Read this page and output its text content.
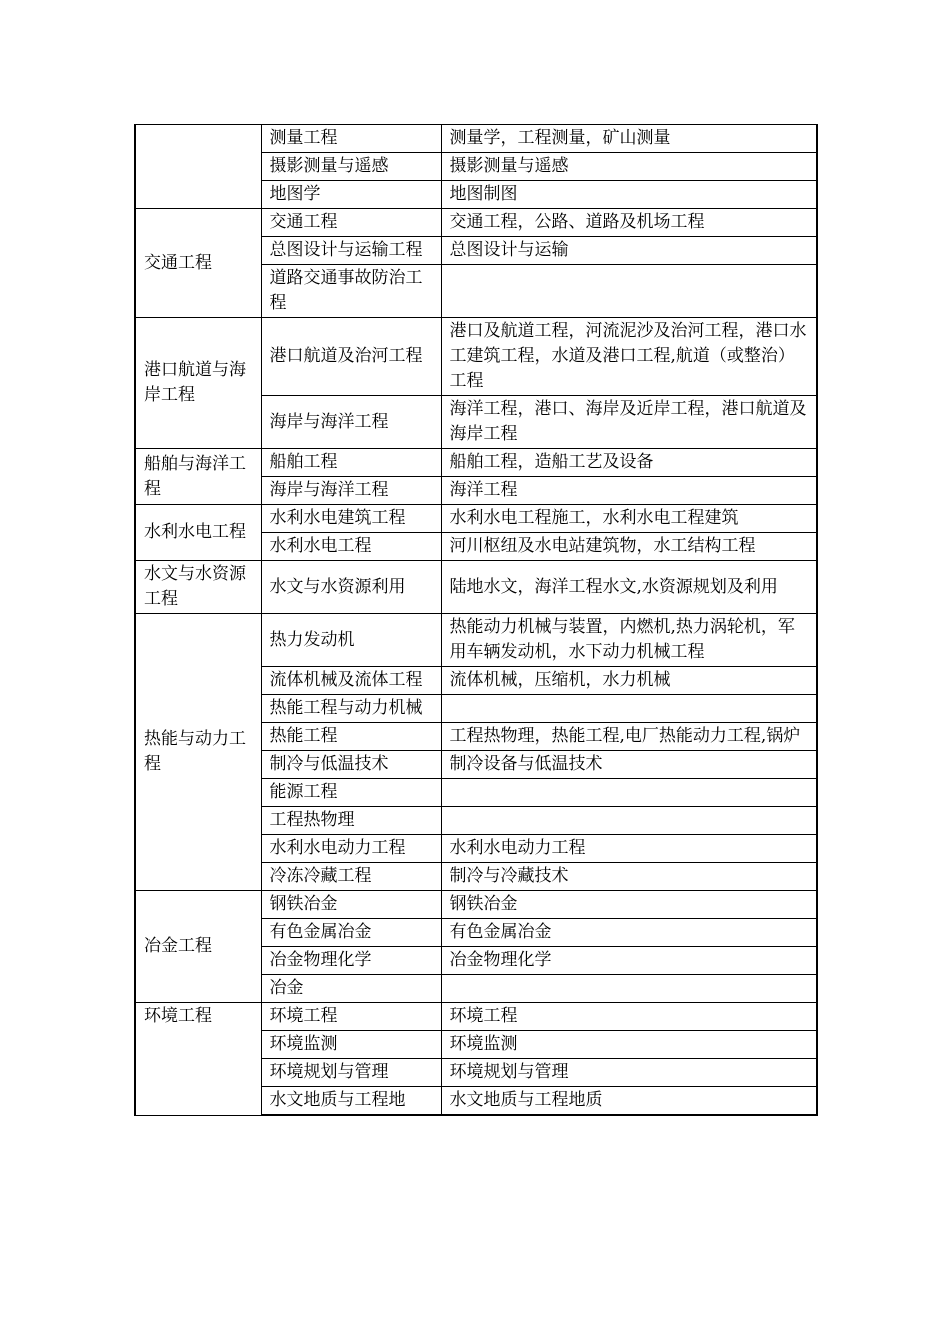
	测量工程	测量学，工程测量，矿山测量
	摄影测量与遥感	摄影测量与遥感
	地图学	地图制图
交通工程	交通工程	交通工程，公路、道路及机场工程
	总图设计与运输工程	总图设计与运输
	道路交通事故防治工程	
港口航道与海岸工程	港口航道及治河工程	港口及航道工程，河流泥沙及治河工程，港口水工建筑工程，水道及港口工程,航道（或整治）工程
	海岸与海洋工程	海洋工程，港口、海岸及近岸工程，港口航道及海岸工程
船舶与海洋工程	船舶工程	船舶工程，造船工艺及设备
	海岸与海洋工程	海洋工程
水利水电工程	水利水电建筑工程	水利水电工程施工，水利水电工程建筑
	水利水电工程	河川枢纽及水电站建筑物，水工结构工程
水文与水资源工程	水文与水资源利用	陆地水文，海洋工程水文,水资源规划及利用
热能与动力工程	热力发动机	热能动力机械与装置，内燃机,热力涡轮机，军用车辆发动机，水下动力机械工程
	流体机械及流体工程	流体机械，压缩机，水力机械
	热能工程与动力机械	
	热能工程	工程热物理，热能工程,电厂热能动力工程,锅炉
	制冷与低温技术	制冷设备与低温技术
	能源工程	
	工程热物理	
	水利水电动力工程	水利水电动力工程
	冷冻冷藏工程	制冷与冷藏技术
冶金工程	钢铁冶金	钢铁冶金
	有色金属冶金	有色金属冶金
	冶金物理化学	冶金物理化学
	冶金	
环境工程	环境工程	环境工程
	环境监测	环境监测
	环境规划与管理	环境规划与管理
	水文地质与工程地	水文地质与工程地质
